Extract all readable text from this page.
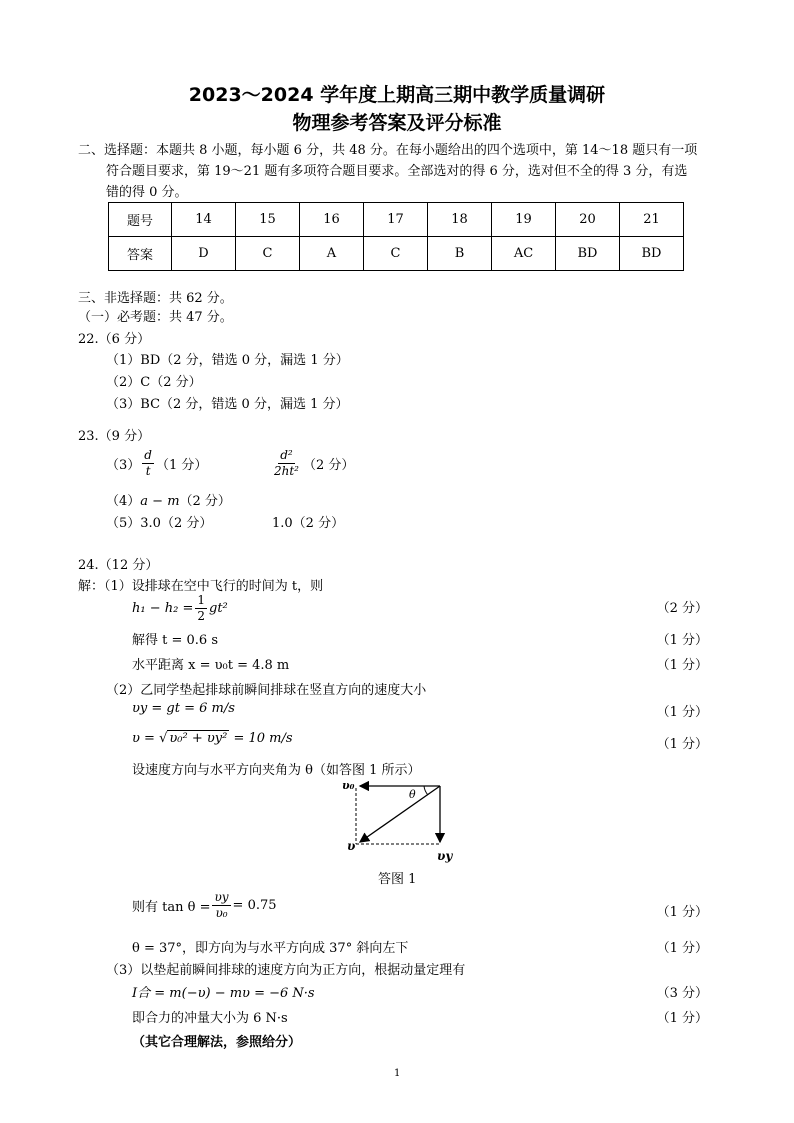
2023～2024 学年度上期高三期中教学质量调研
物理参考答案及评分标准
二、选择题：本题共 8 小题，每小题 6 分，共 48 分。在每小题给出的四个选项中，第 14～18 题只有一项
符合题目要求，第 19～21 题有多项符合题目要求。全部选对的得 6 分，选对但不全的得 3 分，有选
错的得 0 分。
题号	14	15	16	17	18	19	20	21
答案	D	C	A	C	B	AC	BD	BD
三、非选择题：共 62 分。
（一）必考题：共 47 分。
22.（6 分）
（1）BD（2 分，错选 0 分，漏选 1 分）
（2）C（2 分）
（3）BC（2 分，错选 0 分，漏选 1 分）
23.（9 分）
$(3) \frac{d}{t} (1$ 分）	$\frac{\text{d²}}{\text{2ht²}} (2$ 分）
（4）a − m（2 分）
（5）3.0（2 分）	1.0（2 分）
24.（12 分）
解：（1）设排球在空中飞行的时间为 t，则
$h_1 - h_2 = \frac{1}{2} gt^2$	（2 分）
解得 t = 0.6 s	（1 分）
水平距离 x = υ₀t = 4.8 m	（1 分）
（2）乙同学垫起排球前瞬间排球在竖直方向的速度大小
υy = gt = 6 m/s	（1 分）
υ = √ υ₀² + υy² = 10 m/s	（1 分）
设速度方向与水平方向夹角为 θ（如答图 1 所示）
υ₀
θ
υ
υy
答图 1
则有 $\tan \theta = \frac{\upsilon y}{\text{υ₀}} = 0.75$	（1 分）
θ = 37°，即方向为与水平方向成 37° 斜向左下	（1 分）
（3）以垫起前瞬间排球的速度方向为正方向，根据动量定理有
I合 = m(−υ) − mυ = −6 N·s	（3 分）
即合力的冲量大小为 6 N·s	（1 分）
（其它合理解法，参照给分）
1
